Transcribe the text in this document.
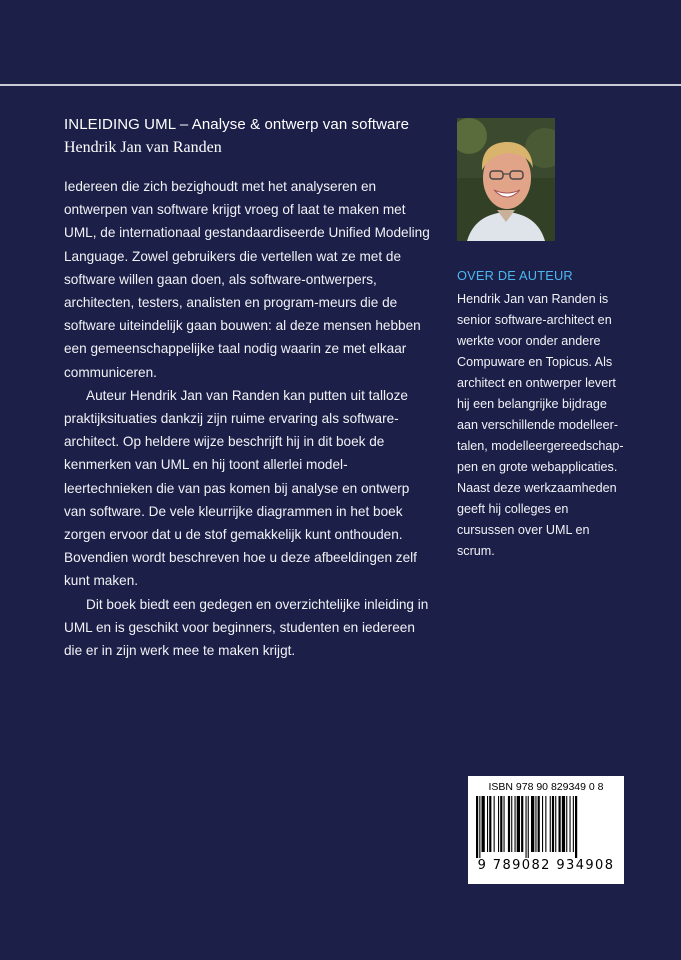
INLEIDING UML – Analyse & ontwerp van software
Hendrik Jan van Randen

Iedereen die zich bezighoudt met het analyseren en ontwerpen van software krijgt vroeg of laat te maken met UML, de internationaal gestandaardiseerde Unified Modeling Language. Zowel gebruikers die vertellen wat ze met de software willen gaan doen, als software-ontwerpers, architecten, testers, analisten en program-meurs die de software uiteindelijk gaan bouwen: al deze mensen hebben een gemeenschappelijke taal nodig waarin ze met elkaar communiceren.

Auteur Hendrik Jan van Randen kan putten uit talloze praktijksituaties dankzij zijn ruime ervaring als software-architect. Op heldere wijze beschrijft hij in dit boek de kenmerken van UML en hij toont allerlei model-leertechnieken die van pas komen bij analyse en ontwerp van software. De vele kleurrijke diagrammen in het boek zorgen ervoor dat u de stof gemakkelijk kunt onthouden. Bovendien wordt beschreven hoe u deze afbeeldingen zelf kunt maken.

Dit boek biedt een gedegen en overzichtelijke inleiding in UML en is geschikt voor beginners, studenten en iedereen die er in zijn werk mee te maken krijgt.

OVER DE AUTEUR
Hendrik Jan van Randen is senior software-architect en werkte voor onder andere Compuware en Topicus. Als architect en ontwerper levert hij een belangrijke bijdrage aan verschillende modelleer-talen, modelleergereedschap-pen en grote webapplicaties. Naast deze werkzaamheden geeft hij colleges en cursussen over UML en scrum.
ISBN 978 90 829349 0 8
9 789082 934908
